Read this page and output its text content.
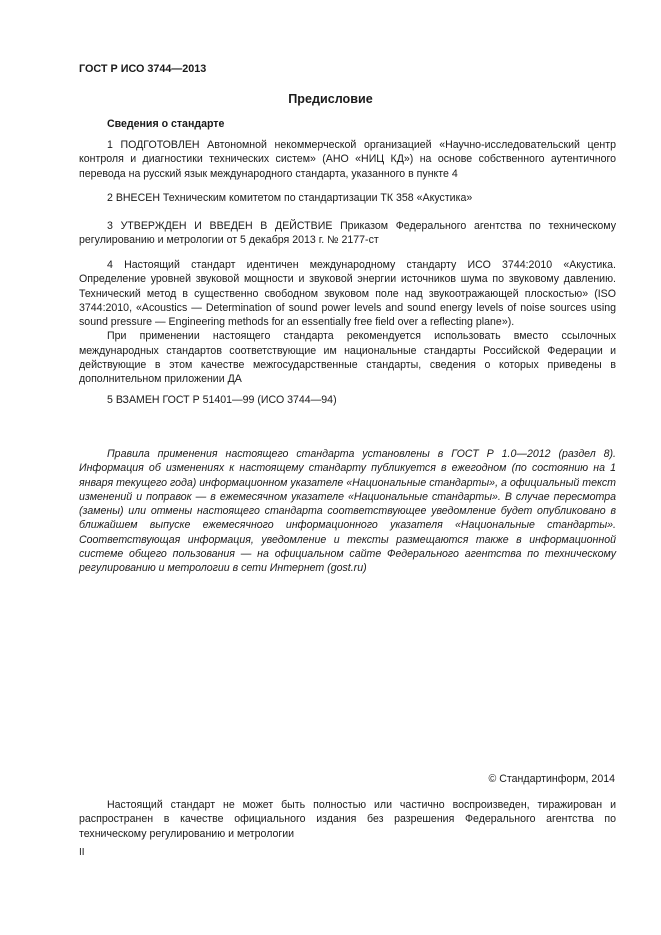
ГОСТ Р ИСО 3744—2013
Предисловие
Сведения о стандарте
1 ПОДГОТОВЛЕН Автономной некоммерческой организацией «Научно-исследовательский центр контроля и диагностики технических систем» (АНО «НИЦ КД») на основе собственного аутентичного перевода на русский язык международного стандарта, указанного в пункте 4
2 ВНЕСЕН Техническим комитетом по стандартизации ТК 358 «Акустика»
3 УТВЕРЖДЕН И ВВЕДЕН В ДЕЙСТВИЕ Приказом Федерального агентства по техническому регулированию и метрологии от 5 декабря 2013 г. № 2177-ст
4 Настоящий стандарт идентичен международному стандарту ИСО 3744:2010 «Акустика. Определение уровней звуковой мощности и звуковой энергии источников шума по звуковому давлению. Технический метод в существенно свободном звуковом поле над звукоотражающей плоскостью» (ISO 3744:2010, «Acoustics — Determination of sound power levels and sound energy levels of noise sources using sound pressure — Engineering methods for an essentially free field over a reflecting plane»).
При применении настоящего стандарта рекомендуется использовать вместо ссылочных международных стандартов соответствующие им национальные стандарты Российской Федерации и действующие в этом качестве межгосударственные стандарты, сведения о которых приведены в дополнительном приложении ДА
5 ВЗАМЕН ГОСТ Р 51401—99 (ИСО 3744—94)
Правила применения настоящего стандарта установлены в ГОСТ Р 1.0—2012 (раздел 8). Информация об изменениях к настоящему стандарту публикуется в ежегодном (по состоянию на 1 января текущего года) информационном указателе «Национальные стандарты», а официальный текст изменений и поправок — в ежемесячном указателе «Национальные стандарты». В случае пересмотра (замены) или отмены настоящего стандарта соответствующее уведомление будет опубликовано в ближайшем выпуске ежемесячного информационного указателя «Национальные стандарты». Соответствующая информация, уведомление и тексты размещаются также в информационной системе общего пользования — на официальном сайте Федерального агентства по техническому регулированию и метрологии в сети Интернет (gost.ru)
© Стандартинформ, 2014
Настоящий стандарт не может быть полностью или частично воспроизведен, тиражирован и распространен в качестве официального издания без разрешения Федерального агентства по техническому регулированию и метрологии
II
